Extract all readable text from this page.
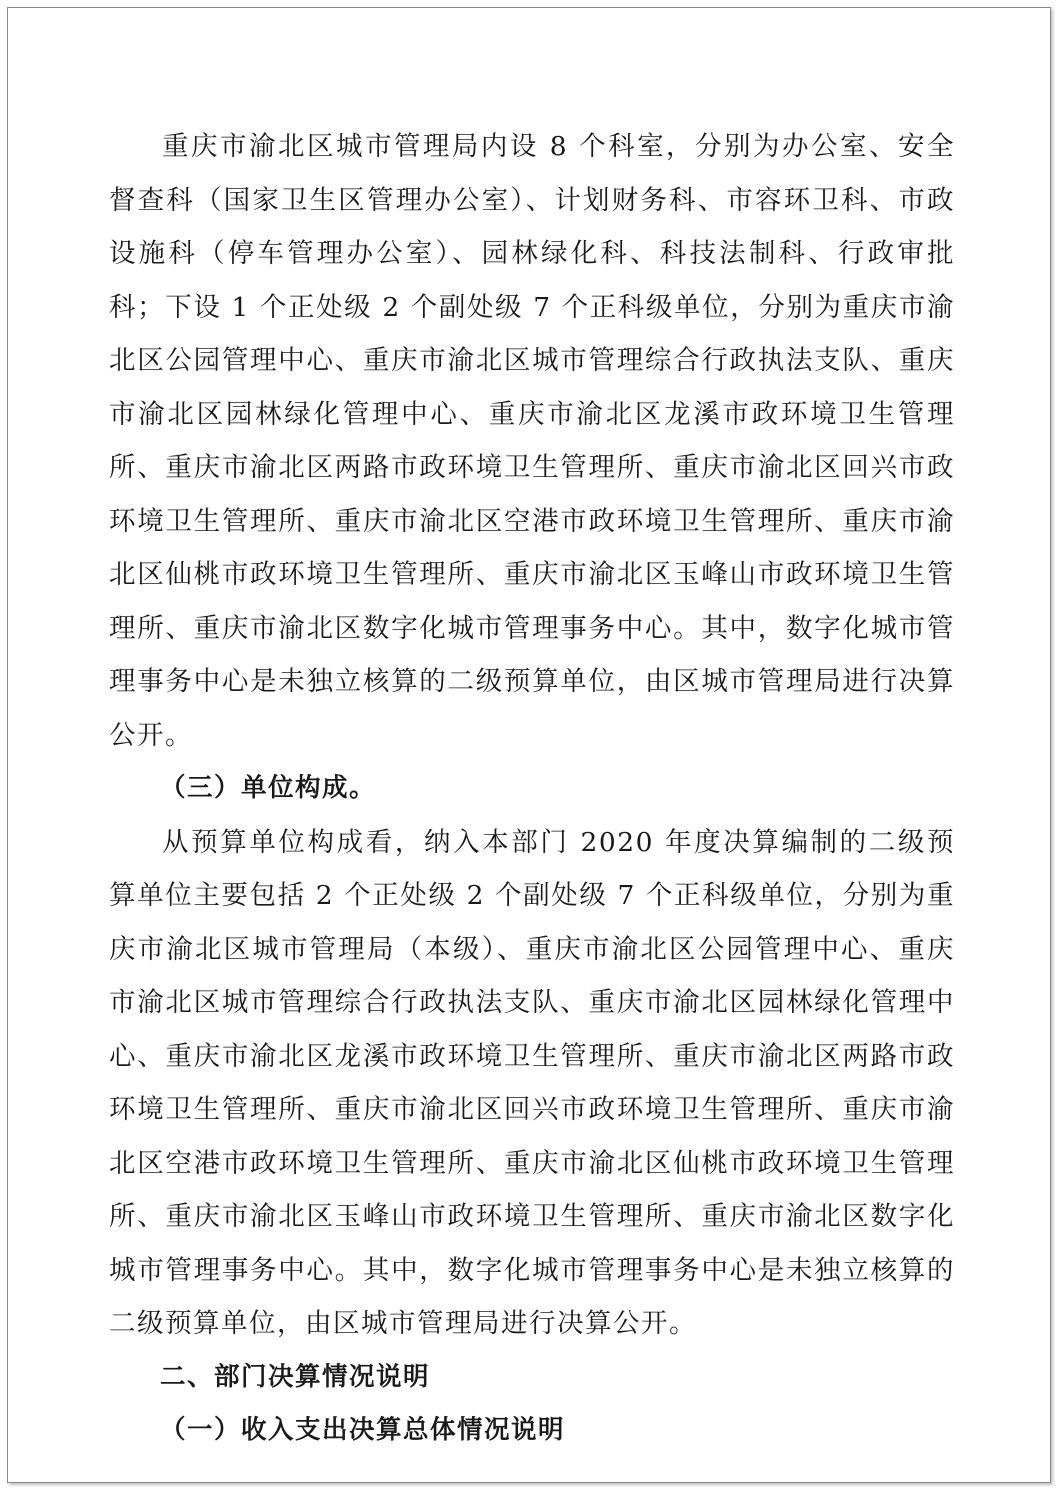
重庆市渝北区城市管理局内设 8 个科室，分别为办公室、安全督查科（国家卫生区管理办公室）、计划财务科、市容环卫科、市政设施科（停车管理办公室）、园林绿化科、科技法制科、行政审批科；下设 1 个正处级 2 个副处级 7 个正科级单位，分别为重庆市渝北区公园管理中心、重庆市渝北区城市管理综合行政执法支队、重庆市渝北区园林绿化管理中心、重庆市渝北区龙溪市政环境卫生管理所、重庆市渝北区两路市政环境卫生管理所、重庆市渝北区回兴市政环境卫生管理所、重庆市渝北区空港市政环境卫生管理所、重庆市渝北区仙桃市政环境卫生管理所、重庆市渝北区玉峰山市政环境卫生管理所、重庆市渝北区数字化城市管理事务中心。其中，数字化城市管理事务中心是未独立核算的二级预算单位，由区城市管理局进行决算公开。

（三）单位构成。

从预算单位构成看，纳入本部门 2020 年度决算编制的二级预算单位主要包括 2 个正处级 2 个副处级 7 个正科级单位，分别为重庆市渝北区城市管理局（本级）、重庆市渝北区公园管理中心、重庆市渝北区城市管理综合行政执法支队、重庆市渝北区园林绿化管理中心、重庆市渝北区龙溪市政环境卫生管理所、重庆市渝北区两路市政环境卫生管理所、重庆市渝北区回兴市政环境卫生管理所、重庆市渝北区空港市政环境卫生管理所、重庆市渝北区仙桃市政环境卫生管理所、重庆市渝北区玉峰山市政环境卫生管理所、重庆市渝北区数字化城市管理事务中心。其中，数字化城市管理事务中心是未独立核算的二级预算单位，由区城市管理局进行决算公开。

二、部门决算情况说明

（一）收入支出决算总体情况说明
